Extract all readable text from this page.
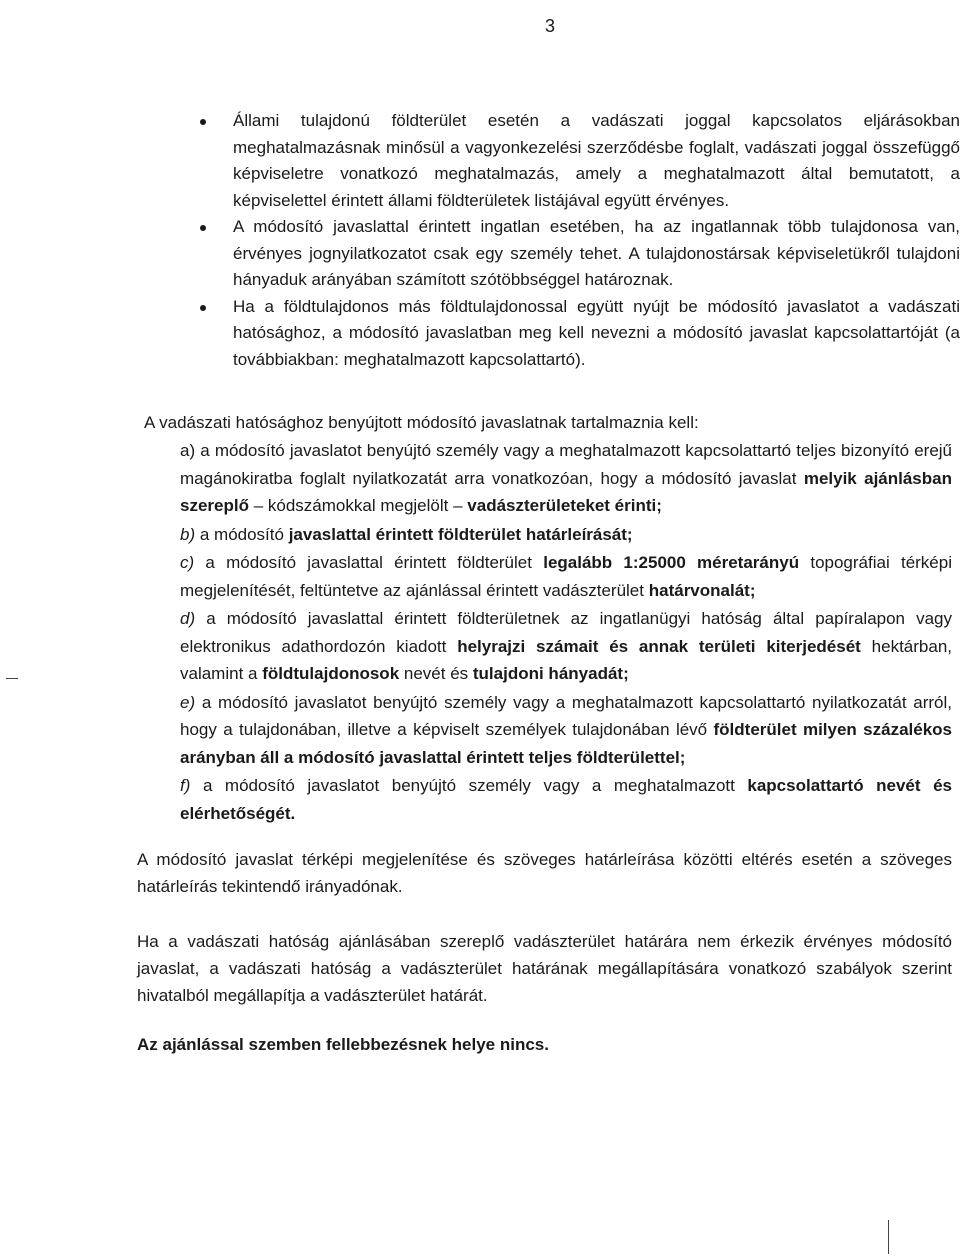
3
Állami tulajdonú földterület esetén a vadászati joggal kapcsolatos eljárásokban meghatalmazásnak minősül a vagyonkezelési szerződésbe foglalt, vadászati joggal összefüggő képviseletre vonatkozó meghatalmazás, amely a meghatalmazott által bemutatott, a képviselettel érintett állami földterületek listájával együtt érvényes.
A módosító javaslattal érintett ingatlan esetében, ha az ingatlannak több tulajdonosa van, érvényes jognyilatkozatot csak egy személy tehet. A tulajdonostársak képviseletükről tulajdoni hányaduk arányában számított szótöbbséggel határoznak.
Ha a földtulajdonos más földtulajdonossal együtt nyújt be módosító javaslatot a vadászati hatósághoz, a módosító javaslatban meg kell nevezni a módosító javaslat kapcsolattartóját (a továbbiakban: meghatalmazott kapcsolattartó).
A vadászati hatósághoz benyújtott módosító javaslatnak tartalmaznia kell:
a) a módosító javaslatot benyújtó személy vagy a meghatalmazott kapcsolattartó teljes bizonyító erejű magánokiratba foglalt nyilatkozatát arra vonatkozóan, hogy a módosító javaslat melyik ajánlásban szereplő – kódszámokkal megjelölt – vadászterületeket érinti;
b) a módosító javaslattal érintett földterület határleírását;
c) a módosító javaslattal érintett földterület legalább 1:25000 méretarányú topográfiai térképi megjelenítését, feltüntetve az ajánlással érintett vadászterület határvonalát;
d) a módosító javaslattal érintett földterületnek az ingatlanügyi hatóság által papíralapon vagy elektronikus adathordozón kiadott helyrajzi számait és annak területi kiterjedését hektárban, valamint a földtulajdonosok nevét és tulajdoni hányadát;
e) a módosító javaslatot benyújtó személy vagy a meghatalmazott kapcsolattartó nyilatkozatát arról, hogy a tulajdonában, illetve a képviselt személyek tulajdonában lévő földterület milyen százalékos arányban áll a módosító javaslattal érintett teljes földterülettel;
f) a módosító javaslatot benyújtó személy vagy a meghatalmazott kapcsolattartó nevét és elérhetőségét.
A módosító javaslat térképi megjelenítése és szöveges határleírása közötti eltérés esetén a szöveges határleírás tekintendő irányadónak.
Ha a vadászati hatóság ajánlásában szereplő vadászterület határára nem érkezik érvényes módosító javaslat, a vadászati hatóság a vadászterület határának megállapítására vonatkozó szabályok szerint hivatalból megállapítja a vadászterület határát.
Az ajánlással szemben fellebbezésnek helye nincs.
